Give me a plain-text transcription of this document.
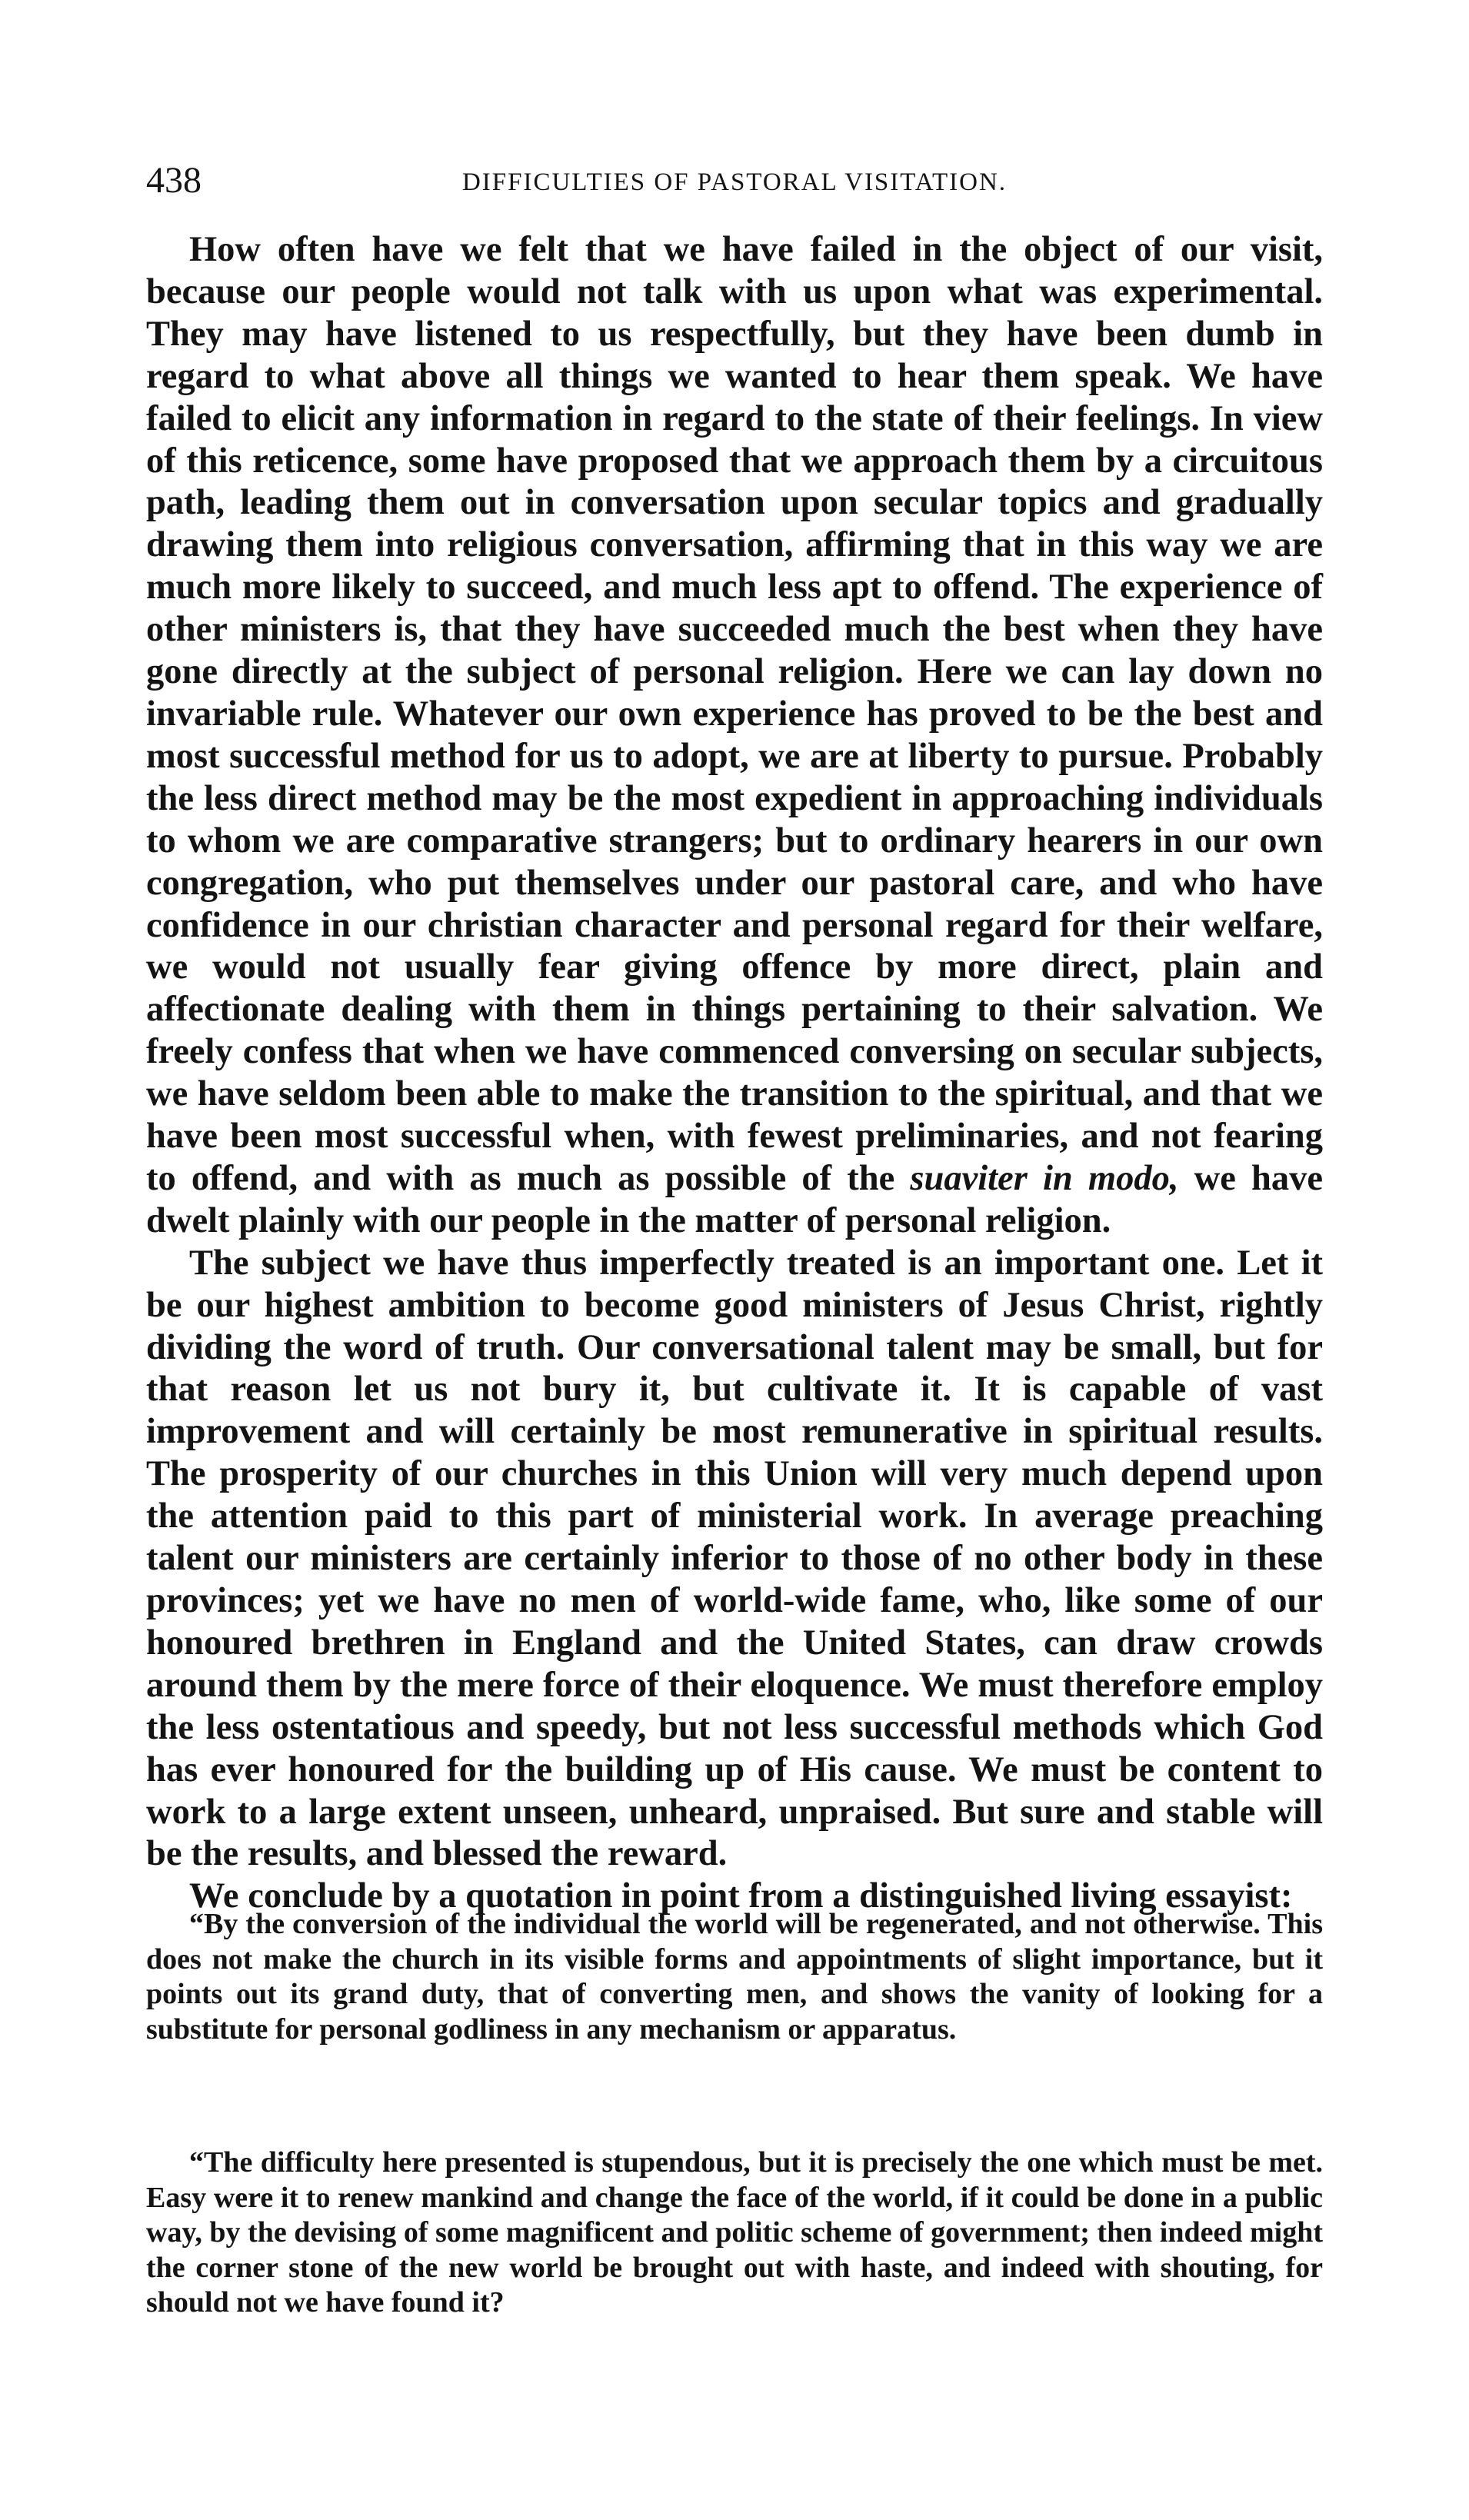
438	DIFFICULTIES OF PASTORAL VISITATION.

How often have we felt that we have failed in the object of our visit, because our people would not talk with us upon what was experimental. They may have listened to us respectfully, but they have been dumb in regard to what above all things we wanted to hear them speak. We have failed to elicit any information in regard to the state of their feelings. In view of this reticence, some have proposed that we approach them by a circuitous path, leading them out in conversation upon secular topics and gradually drawing them into religious conversation, affirming that in this way we are much more likely to succeed, and much less apt to offend. The experience of other ministers is, that they have succeeded much the best when they have gone directly at the subject of personal religion. Here we can lay down no invariable rule. Whatever our own experience has proved to be the best and most successful method for us to adopt, we are at liberty to pursue. Probably the less direct method may be the most expedient in approaching individuals to whom we are comparative strangers; but to ordinary hearers in our own congregation, who put themselves under our pastoral care, and who have confidence in our christian character and personal regard for their welfare, we would not usually fear giving offence by more direct, plain and affectionate dealing with them in things pertaining to their salvation. We freely confess that when we have commenced conversing on secular subjects, we have seldom been able to make the transition to the spiritual, and that we have been most successful when, with fewest preliminaries, and not fearing to offend, and with as much as possible of the suaviter in modo, we have dwelt plainly with our people in the matter of personal religion.

The subject we have thus imperfectly treated is an important one. Let it be our highest ambition to become good ministers of Jesus Christ, rightly dividing the word of truth. Our conversational talent may be small, but for that reason let us not bury it, but cultivate it. It is capable of vast improvement and will certainly be most remunerative in spiritual results. The prosperity of our churches in this Union will very much depend upon the attention paid to this part of ministerial work. In average preaching talent our ministers are certainly inferior to those of no other body in these provinces; yet we have no men of world-wide fame, who, like some of our honoured brethren in England and the United States, can draw crowds around them by the mere force of their eloquence. We must therefore employ the less ostentatious and speedy, but not less successful methods which God has ever honoured for the building up of His cause. We must be content to work to a large extent unseen, unheard, unpraised. But sure and stable will be the results, and blessed the reward.

We conclude by a quotation in point from a distinguished living essayist:

“By the conversion of the individual the world will be regenerated, and not otherwise. This does not make the church in its visible forms and appointments of slight importance, but it points out its grand duty, that of converting men, and shows the vanity of looking for a substitute for personal godliness in any mechanism or apparatus.

“The difficulty here presented is stupendous, but it is precisely the one which must be met. Easy were it to renew mankind and change the face of the world, if it could be done in a public way, by the devising of some magnificent and politic scheme of government; then indeed might the corner stone of the new world be brought out with haste, and indeed with shouting, for should not we have found it?
